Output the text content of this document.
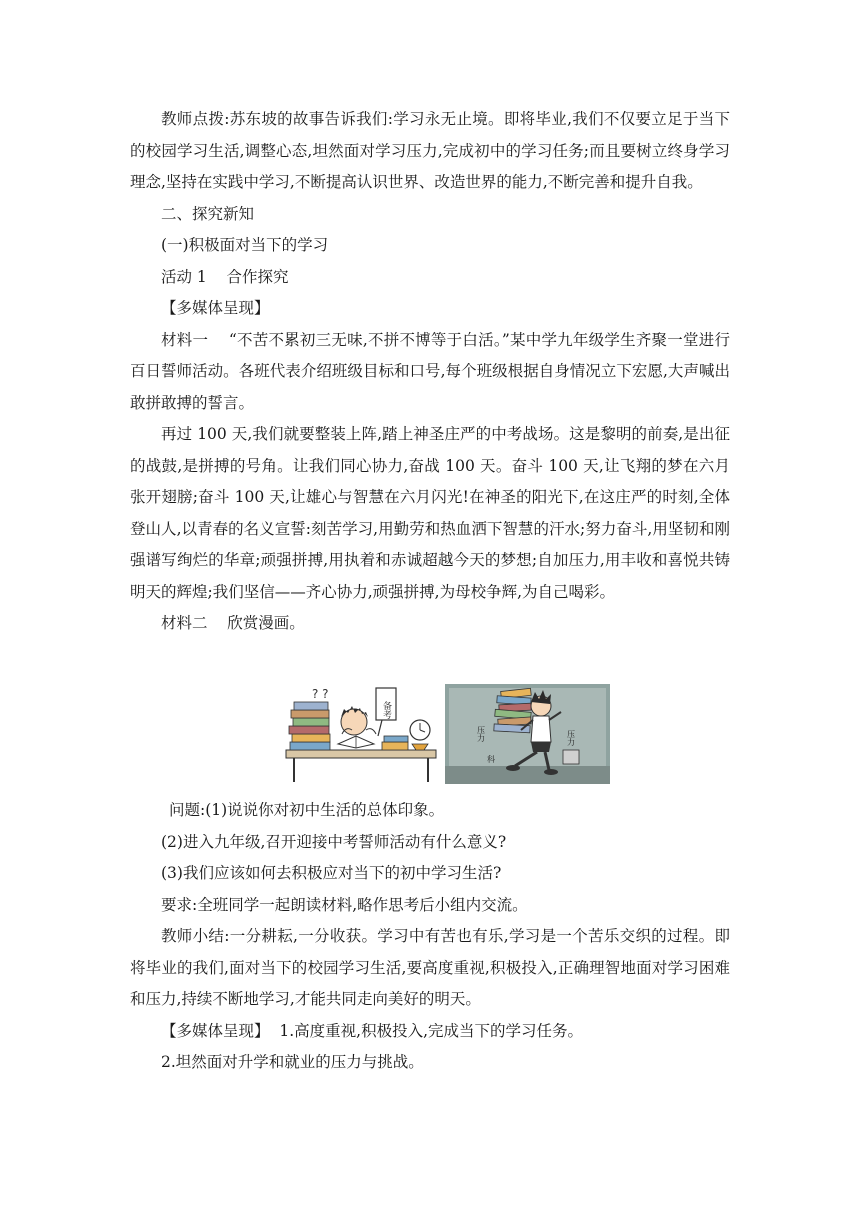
教师点拨:苏东坡的故事告诉我们:学习永无止境。即将毕业,我们不仅要立足于当下的校园学习生活,调整心态,坦然面对学习压力,完成初中的学习任务;而且要树立终身学习理念,坚持在实践中学习,不断提高认识世界、改造世界的能力,不断完善和提升自我。

二、探究新知

(一)积极面对当下的学习

活动 1    合作探究

【多媒体呈现】

材料一    “不苦不累初三无味,不拼不博等于白活。”某中学九年级学生齐聚一堂进行百日誓师活动。各班代表介绍班级目标和口号,每个班级根据自身情况立下宏愿,大声喊出敢拼敢搏的誓言。

再过 100 天,我们就要整装上阵,踏上神圣庄严的中考战场。这是黎明的前奏,是出征的战鼓,是拼搏的号角。让我们同心协力,奋战 100 天。奋斗 100 天,让飞翔的梦在六月张开翅膀;奋斗 100 天,让雄心与智慧在六月闪光!在神圣的阳光下,在这庄严的时刻,全体登山人,以青春的名义宣誓:刻苦学习,用勤劳和热血洒下智慧的汗水;努力奋斗,用坚韧和刚强谱写绚烂的华章;顽强拼搏,用执着和赤诚超越今天的梦想;自加压力,用丰收和喜悦共铸明天的辉煌;我们坚信——齐心协力,顽强拼搏,为母校争辉,为自己喝彩。

材料二    欣赏漫画。

? ?
备考
压力	压力
科

问题:(1)说说你对初中生活的总体印象。

(2)进入九年级,召开迎接中考誓师活动有什么意义?

(3)我们应该如何去积极应对当下的初中学习生活?

要求:全班同学一起朗读材料,略作思考后小组内交流。

教师小结:一分耕耘,一分收获。学习中有苦也有乐,学习是一个苦乐交织的过程。即将毕业的我们,面对当下的校园学习生活,要高度重视,积极投入,正确理智地面对学习困难和压力,持续不断地学习,才能共同走向美好的明天。

【多媒体呈现】 1.高度重视,积极投入,完成当下的学习任务。

2.坦然面对升学和就业的压力与挑战。
